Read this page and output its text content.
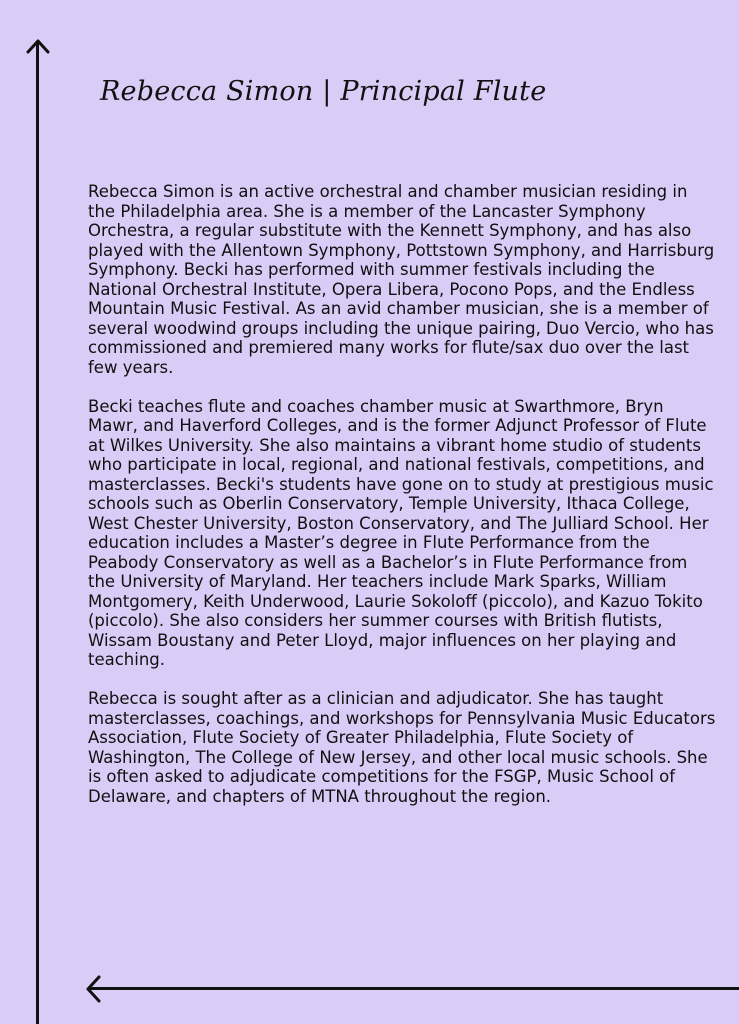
Rebecca Simon | Principal Flute

Rebecca Simon is an active orchestral and chamber musician residing in the Philadelphia area. She is a member of the Lancaster Symphony Orchestra, a regular substitute with the Kennett Symphony, and has also played with the Allentown Symphony, Pottstown Symphony, and Harrisburg Symphony. Becki has performed with summer festivals including the National Orchestral Institute, Opera Libera, Pocono Pops, and the Endless Mountain Music Festival. As an avid chamber musician, she is a member of several woodwind groups including the unique pairing, Duo Vercio, who has commissioned and premiered many works for flute/sax duo over the last few years.

Becki teaches flute and coaches chamber music at Swarthmore, Bryn Mawr, and Haverford Colleges, and is the former Adjunct Professor of Flute at Wilkes University. She also maintains a vibrant home studio of students who participate in local, regional, and national festivals, competitions, and masterclasses. Becki's students have gone on to study at prestigious music schools such as Oberlin Conservatory, Temple University, Ithaca College, West Chester University, Boston Conservatory, and The Julliard School. Her education includes a Master’s degree in Flute Performance from the Peabody Conservatory as well as a Bachelor’s in Flute Performance from the University of Maryland. Her teachers include Mark Sparks, William Montgomery, Keith Underwood, Laurie Sokoloff (piccolo), and Kazuo Tokito (piccolo). She also considers her summer courses with British flutists, Wissam Boustany and Peter Lloyd, major influences on her playing and teaching.

Rebecca is sought after as a clinician and adjudicator. She has taught masterclasses, coachings, and workshops for Pennsylvania Music Educators Association, Flute Society of Greater Philadelphia, Flute Society of Washington, The College of New Jersey, and other local music schools. She is often asked to adjudicate competitions for the FSGP, Music School of Delaware, and chapters of MTNA throughout the region.
